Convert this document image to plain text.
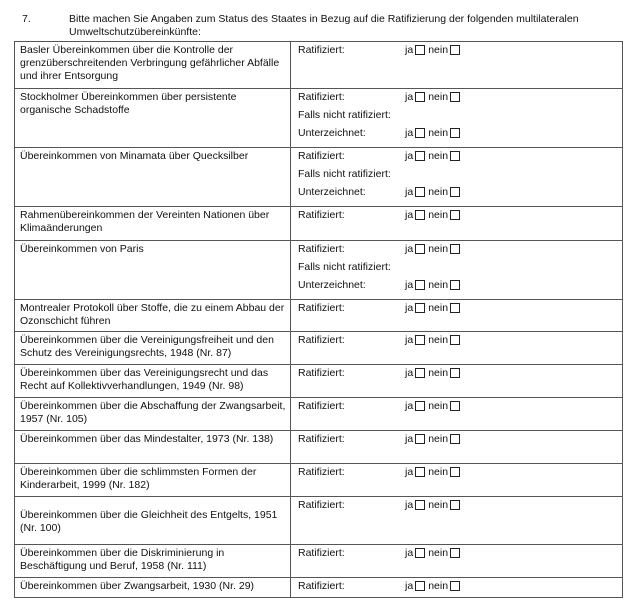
7.	Bitte machen Sie Angaben zum Status des Staates in Bezug auf die Ratifizierung der folgenden multilateralen Umweltschutzübereinkünfte:
Basler Übereinkommen über die Kontrolle der grenzüberschreitenden Verbringung gefährlicher Abfälle und ihrer Entsorgung	Ratifiziert: ja nein

Stockholmer Übereinkommen über persistente organische Schadstoffe	Ratifiziert: ja nein
Falls nicht ratifiziert:
Unterzeichnet: ja nein

Übereinkommen von Minamata über Quecksilber	Ratifiziert: ja nein
Falls nicht ratifiziert:
Unterzeichnet: ja nein

Rahmenübereinkommen der Vereinten Nationen über Klimaänderungen	Ratifiziert: ja nein

Übereinkommen von Paris	Ratifiziert: ja nein
Falls nicht ratifiziert:
Unterzeichnet: ja nein

Montrealer Protokoll über Stoffe, die zu einem Abbau der Ozonschicht führen	Ratifiziert: ja nein

Übereinkommen über die Vereinigungsfreiheit und den Schutz des Vereinigungsrechts, 1948 (Nr. 87)	Ratifiziert: ja nein

Übereinkommen über das Vereinigungsrecht und das Recht auf Kollektivverhandlungen, 1949 (Nr. 98)	Ratifiziert: ja nein

Übereinkommen über die Abschaffung der Zwangsarbeit, 1957 (Nr. 105)	Ratifiziert: ja nein

Übereinkommen über das Mindestalter, 1973 (Nr. 138)	Ratifiziert: ja nein

Übereinkommen über die schlimmsten Formen der Kinderarbeit, 1999 (Nr. 182)	Ratifiziert: ja nein

Übereinkommen über die Gleichheit des Entgelts, 1951 (Nr. 100)	Ratifiziert: ja nein

Übereinkommen über die Diskriminierung in Beschäftigung und Beruf, 1958 (Nr. 111)	Ratifiziert: ja nein

Übereinkommen über Zwangsarbeit, 1930 (Nr. 29)	Ratifiziert: ja nein
